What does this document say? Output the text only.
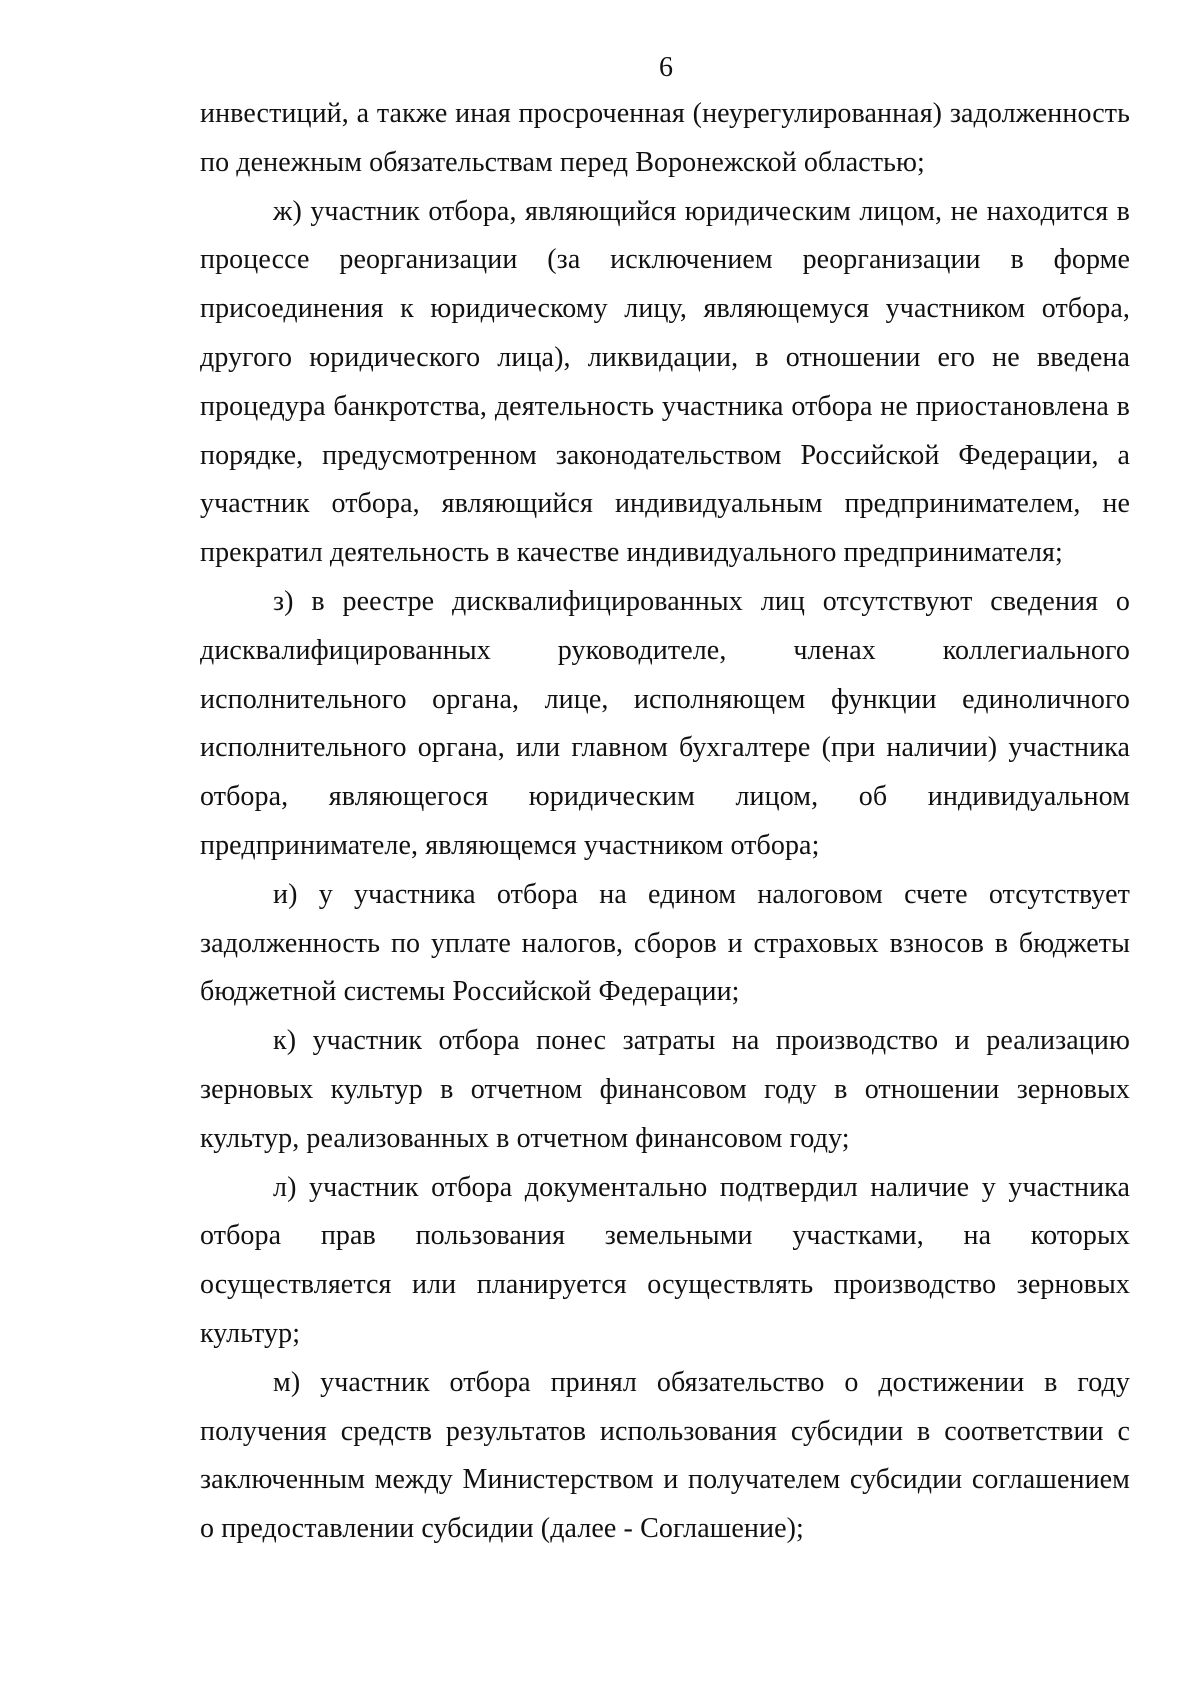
6

инвестиций, а также иная просроченная (неурегулированная) задолженность по денежным обязательствам перед Воронежской областью;

ж) участник отбора, являющийся юридическим лицом, не находится в процессе реорганизации (за исключением реорганизации в форме присоединения к юридическому лицу, являющемуся участником отбора, другого юридического лица), ликвидации, в отношении его не введена процедура банкротства, деятельность участника отбора не приостановлена в порядке, предусмотренном законодательством Российской Федерации, а участник отбора, являющийся индивидуальным предпринимателем, не прекратил деятельность в качестве индивидуального предпринимателя;

з) в реестре дисквалифицированных лиц отсутствуют сведения о дисквалифицированных руководителе, членах коллегиального исполнительного органа, лице, исполняющем функции единоличного исполнительного органа, или главном бухгалтере (при наличии) участника отбора, являющегося юридическим лицом, об индивидуальном предпринимателе, являющемся участником отбора;

и) у участника отбора на едином налоговом счете отсутствует задолженность по уплате налогов, сборов и страховых взносов в бюджеты бюджетной системы Российской Федерации;

к) участник отбора понес затраты на производство и реализацию зерновых культур в отчетном финансовом году в отношении зерновых культур, реализованных в отчетном финансовом году;

л) участник отбора документально подтвердил наличие у участника отбора прав пользования земельными участками, на которых осуществляется или планируется осуществлять производство зерновых культур;

м) участник отбора принял обязательство о достижении в году получения средств результатов использования субсидии в соответствии с заключенным между Министерством и получателем субсидии соглашением о предоставлении субсидии (далее - Соглашение);
